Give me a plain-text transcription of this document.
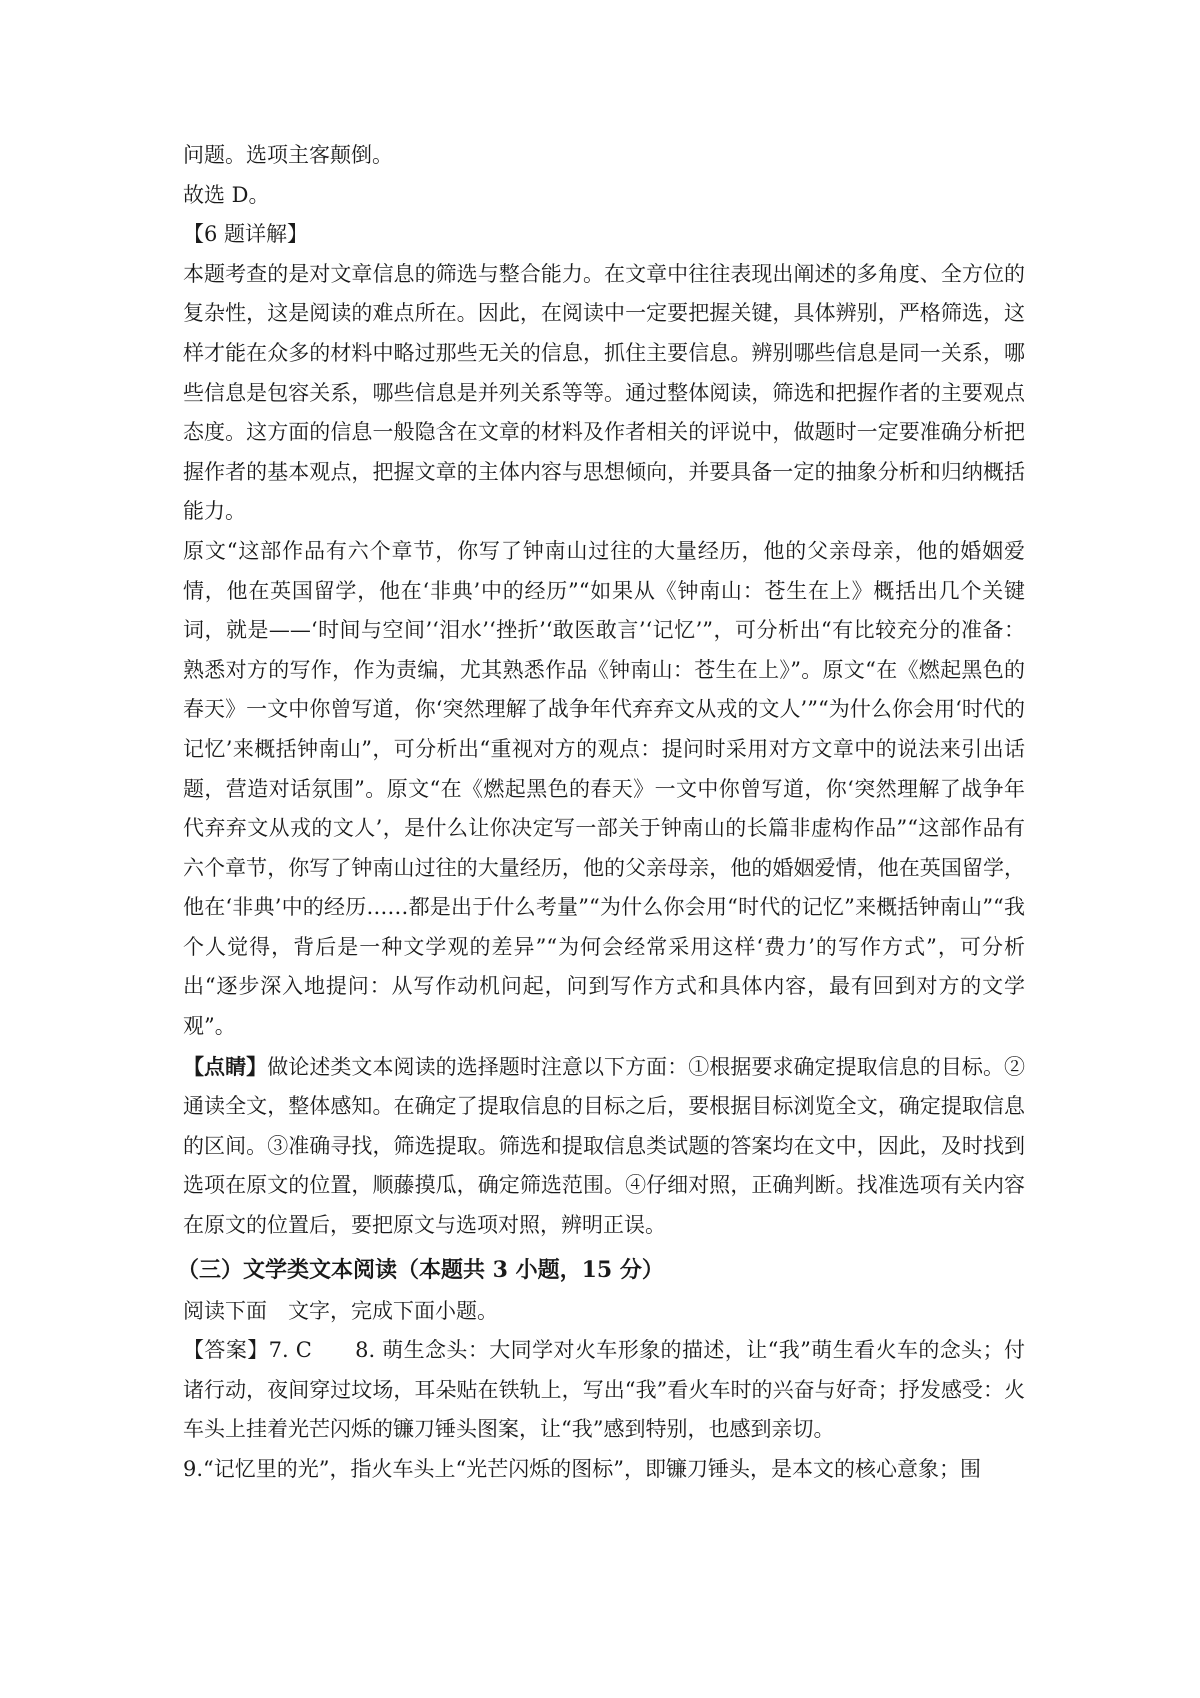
问题。选项主客颠倒。

故选 D。

【6 题详解】

本题考查的是对文章信息的筛选与整合能力。在文章中往往表现出阐述的多角度、全方位的复杂性，这是阅读的难点所在。因此，在阅读中一定要把握关键，具体辨别，严格筛选，这样才能在众多的材料中略过那些无关的信息，抓住主要信息。辨别哪些信息是同一关系，哪些信息是包容关系，哪些信息是并列关系等等。通过整体阅读，筛选和把握作者的主要观点态度。这方面的信息一般隐含在文章的材料及作者相关的评说中，做题时一定要准确分析把握作者的基本观点，把握文章的主体内容与思想倾向，并要具备一定的抽象分析和归纳概括能力。

原文“这部作品有六个章节，你写了钟南山过往的大量经历，他的父亲母亲，他的婚姻爱情，他在英国留学，他在‘非典’中的经历”“如果从《钟南山：苍生在上》概括出几个关键词，就是——‘时间与空间’‘泪水’‘挫折’‘敢医敢言’‘记忆’”，可分析出“有比较充分的准备：熟悉对方的写作，作为责编，尤其熟悉作品《钟南山：苍生在上》”。原文“在《燃起黑色的春天》一文中你曾写道，你‘突然理解了战争年代弃弃文从戎的文人’”“为什么你会用‘时代的记忆’来概括钟南山”，可分析出“重视对方的观点：提问时采用对方文章中的说法来引出话题，营造对话氛围”。原文“在《燃起黑色的春天》一文中你曾写道，你‘突然理解了战争年代弃弃文从戎的文人’，是什么让你决定写一部关于钟南山的长篇非虚构作品”“这部作品有六个章节，你写了钟南山过往的大量经历，他的父亲母亲，他的婚姻爱情，他在英国留学，他在‘非典’中的经历……都是出于什么考量”“为什么你会用“时代的记忆”来概括钟南山”“我个人觉得，背后是一种文学观的差异”“为何会经常采用这样‘费力’的写作方式”，可分析出“逐步深入地提问：从写作动机问起，问到写作方式和具体内容，最有回到对方的文学观”。

【点睛】做论述类文本阅读的选择题时注意以下方面：①根据要求确定提取信息的目标。②通读全文，整体感知。在确定了提取信息的目标之后，要根据目标浏览全文，确定提取信息的区间。③准确寻找，筛选提取。筛选和提取信息类试题的答案均在文中，因此，及时找到选项在原文的位置，顺藤摸瓜，确定筛选范围。④仔细对照，正确判断。找准选项有关内容在原文的位置后，要把原文与选项对照，辨明正误。

（三）文学类文本阅读（本题共 3 小题，15 分）

阅读下面　文字，完成下面小题。

【答案】7. C　　8. 萌生念头：大同学对火车形象的描述，让“我”萌生看火车的念头；付诸行动，夜间穿过坟场，耳朵贴在铁轨上，写出“我”看火车时的兴奋与好奇；抒发感受：火车头上挂着光芒闪烁的镰刀锤头图案，让“我”感到特别，也感到亲切。

9.“记忆里的光”，指火车头上“光芒闪烁的图标”，即镰刀锤头，是本文的核心意象；围
